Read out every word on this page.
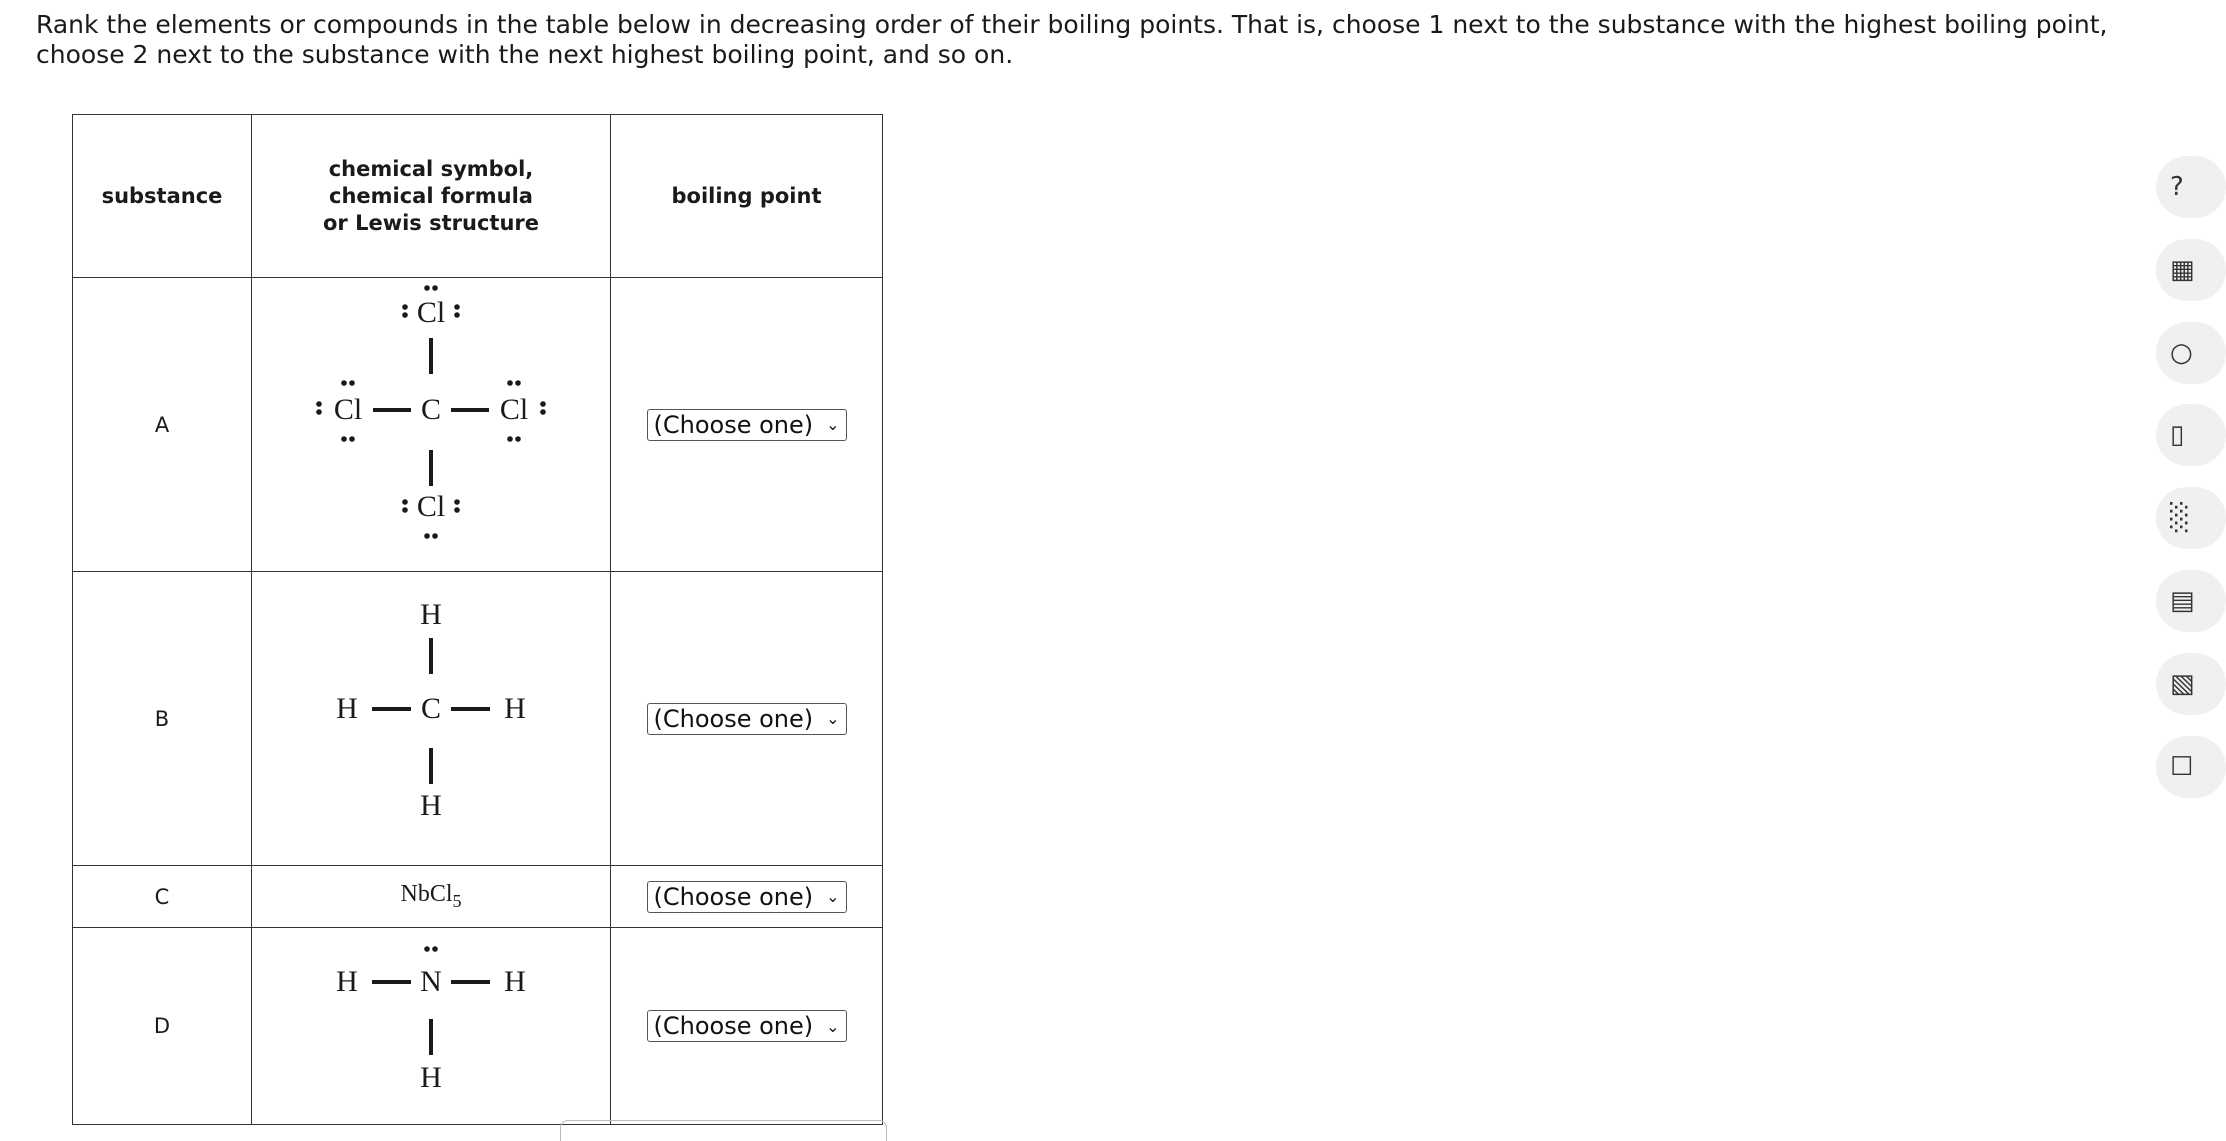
Rank the elements or compounds in the table below in decreasing order of their boiling points. That is, choose 1 next to the substance with the highest boiling point, choose 2 next to the substance with the next highest boiling point, and so on.

substance	chemical symbol,
chemical formula
or Lewis structure	boiling point
A	Cl
C
Cl Cl
Cl	(Choose one) ⌄

B	H
C
H H
H	(Choose one) ⌄

C	NbCl$_5$	(Choose one) ⌄

D	N
H H
H	(Choose one) ⌄
?
▦
○
▯
░
▤
▧
☐
